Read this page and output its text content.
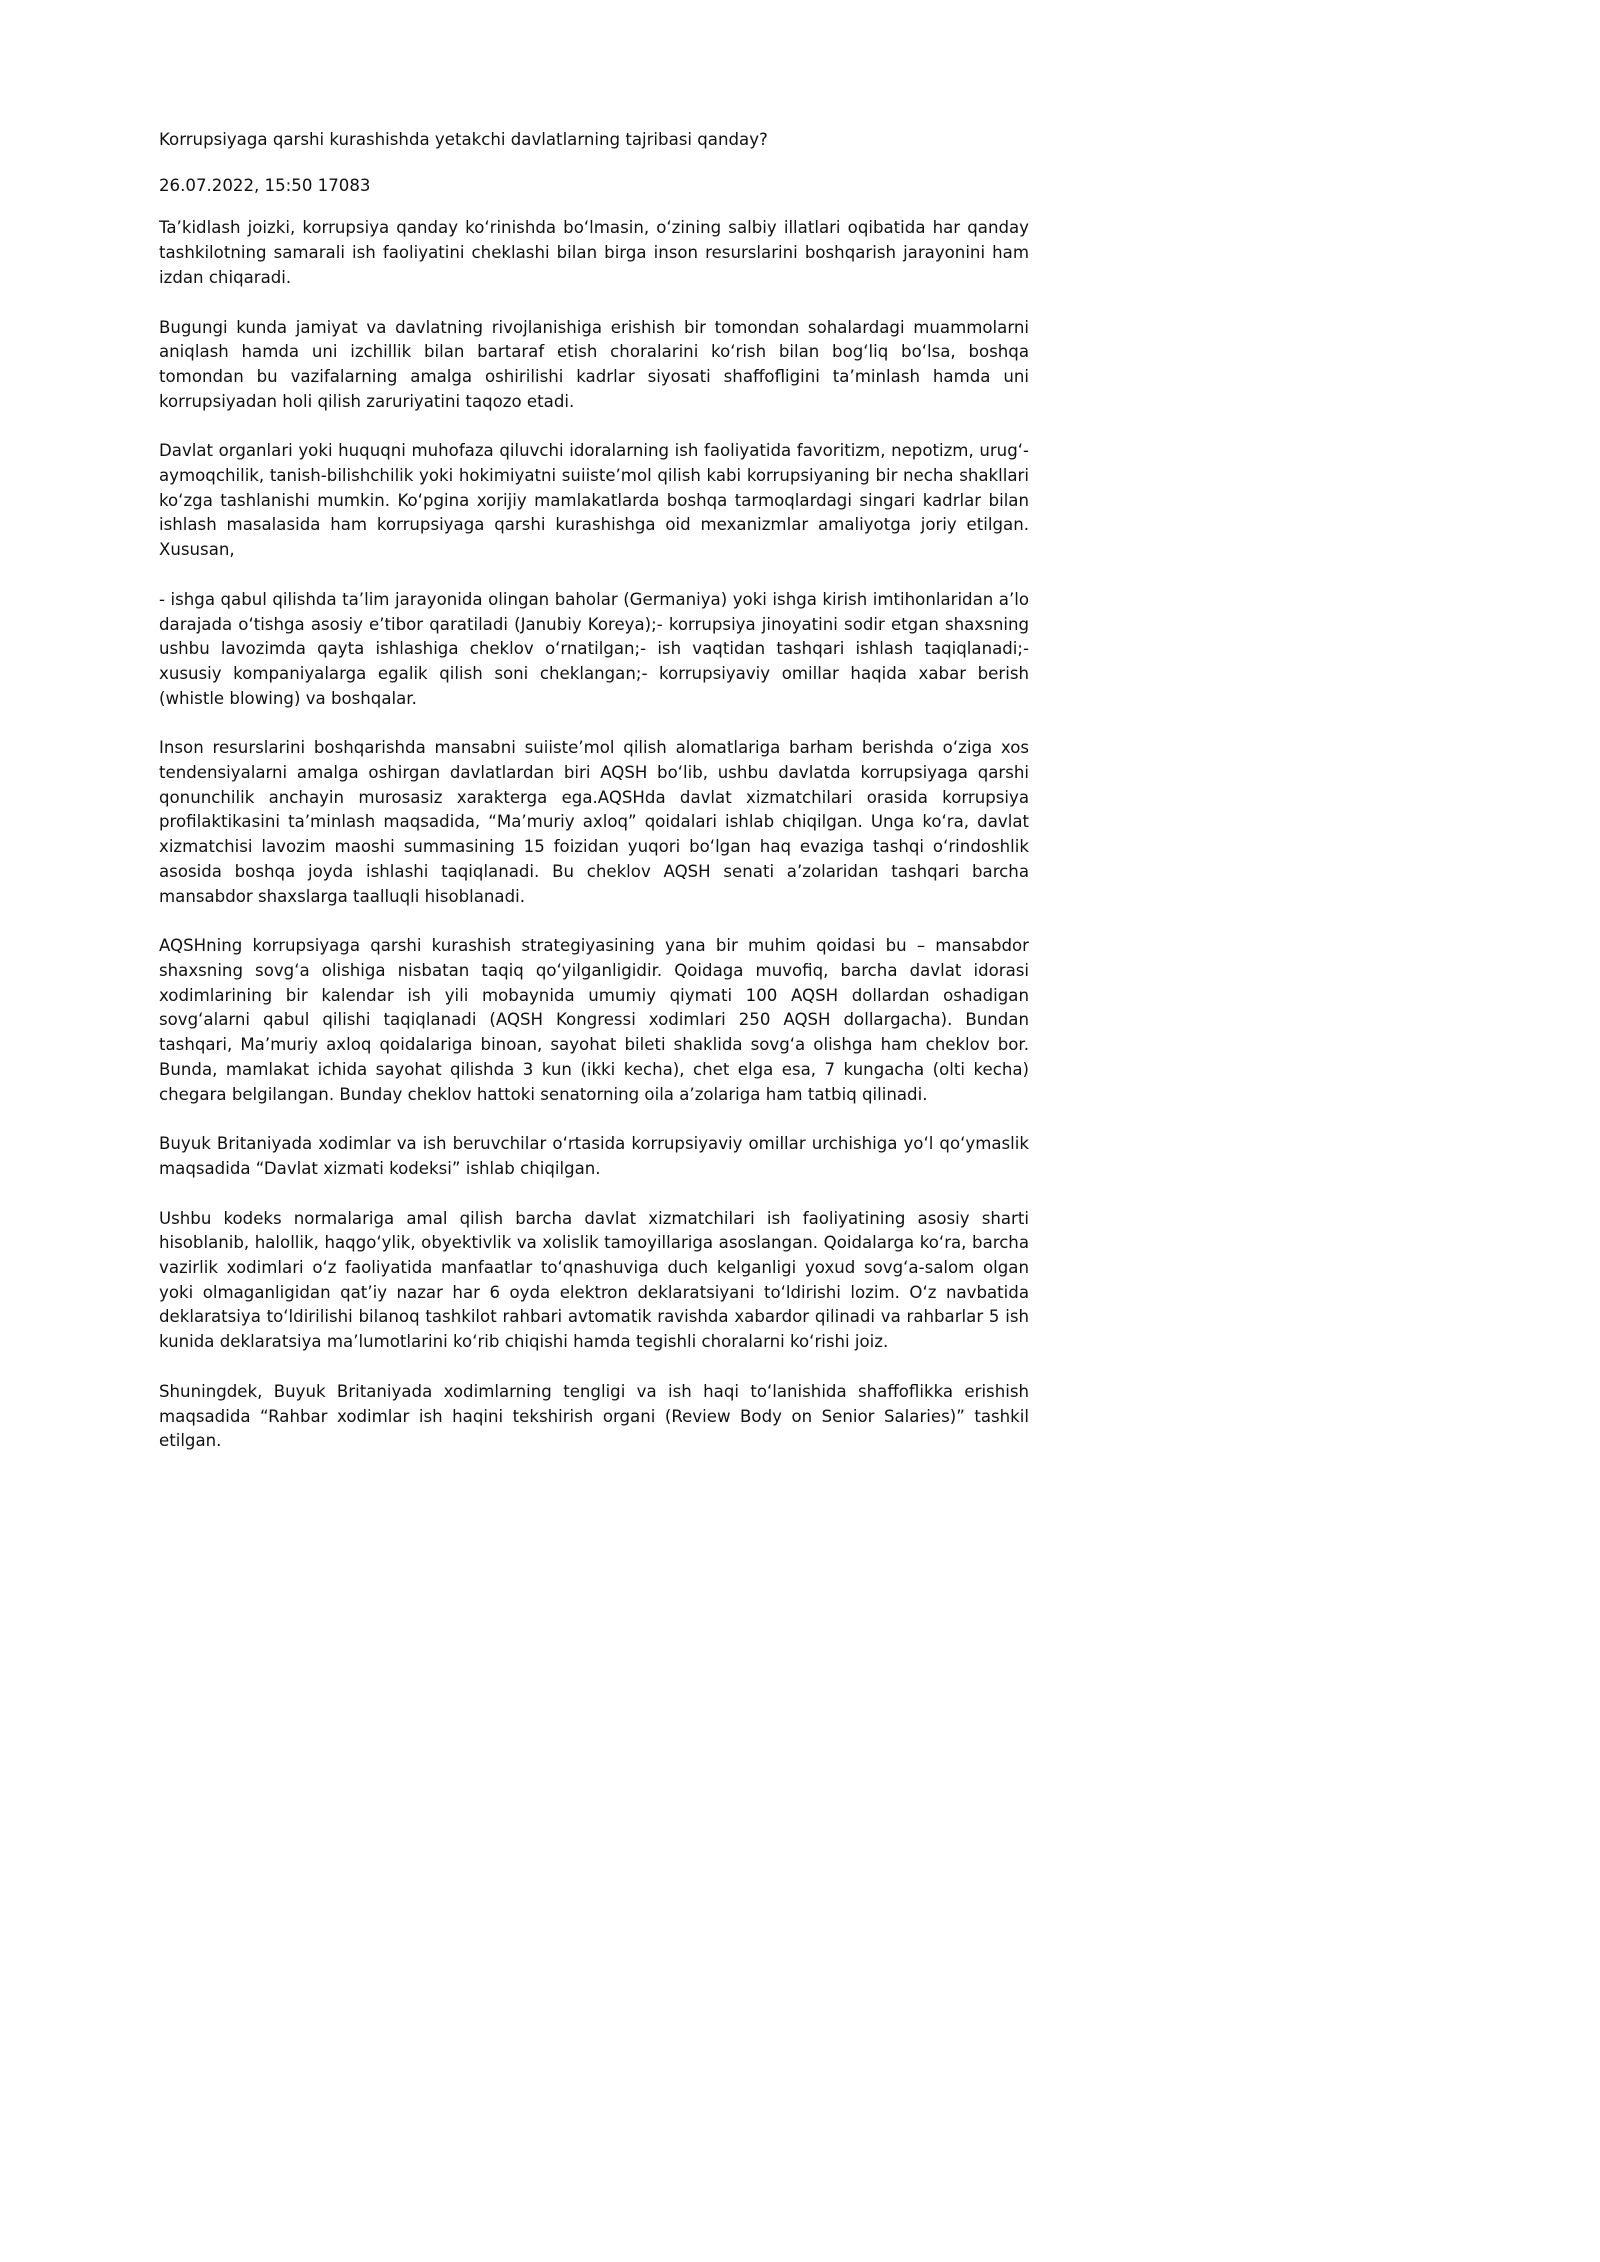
Korrupsiyaga qarshi kurashishda yetakchi davlatlarning tajribasi qanday?

26.07.2022, 15:50 17083

Ta’kidlash joizki, korrupsiya qanday koʻrinishda boʻlmasin, oʻzining salbiy illatlari oqibatida har qanday tashkilotning samarali ish faoliyatini cheklashi bilan birga inson resurslarini boshqarish jarayonini ham izdan chiqaradi.

Bugungi kunda jamiyat va davlatning rivojlanishiga erishish bir tomondan sohalardagi muammolarni aniqlash hamda uni izchillik bilan bartaraf etish choralarini koʻrish bilan bogʻliq boʻlsa, boshqa tomondan bu vazifalarning amalga oshirilishi kadrlar siyosati shaffofligini ta’minlash hamda uni korrupsiyadan holi qilish zaruriyatini taqozo etadi.

Davlat organlari yoki huquqni muhofaza qiluvchi idoralarning ish faoliyatida favoritizm, nepotizm, urugʻ-aymoqchilik, tanish-bilishchilik yoki hokimiyatni suiiste’mol qilish kabi korrupsiyaning bir necha shakllari koʻzga tashlanishi mumkin. Koʻpgina xorijiy mamlakatlarda boshqa tarmoqlardagi singari kadrlar bilan ishlash masalasida ham korrupsiyaga qarshi kurashishga oid mexanizmlar amaliyotga joriy etilgan. Xususan,

- ishga qabul qilishda ta’lim jarayonida olingan baholar (Germaniya) yoki ishga kirish imtihonlaridan a’lo darajada oʻtishga asosiy e’tibor qaratiladi (Janubiy Koreya);- korrupsiya jinoyatini sodir etgan shaxsning ushbu lavozimda qayta ishlashiga cheklov oʻrnatilgan;- ish vaqtidan tashqari ishlash taqiqlanadi;- xususiy kompaniyalarga egalik qilish soni cheklangan;- korrupsiyaviy omillar haqida xabar berish (whistle blowing) va boshqalar.

Inson resurslarini boshqarishda mansabni suiiste’mol qilish alomatlariga barham berishda oʻziga xos tendensiyalarni amalga oshirgan davlatlardan biri AQSH boʻlib, ushbu davlatda korrupsiyaga qarshi qonunchilik anchayin murosasiz xarakterga ega.AQSHda davlat xizmatchilari orasida korrupsiya profilaktikasini ta’minlash maqsadida, “Ma’muriy axloq” qoidalari ishlab chiqilgan. Unga koʻra, davlat xizmatchisi lavozim maoshi summasining 15 foizidan yuqori boʻlgan haq evaziga tashqi oʻrindoshlik asosida boshqa joyda ishlashi taqiqlanadi. Bu cheklov AQSH senati a’zolaridan tashqari barcha mansabdor shaxslarga taalluqli hisoblanadi.

AQSHning korrupsiyaga qarshi kurashish strategiyasining yana bir muhim qoidasi bu – mansabdor shaxsning sovgʻa olishiga nisbatan taqiq qoʻyilganligidir. Qoidaga muvofiq, barcha davlat idorasi xodimlarining bir kalendar ish yili mobaynida umumiy qiymati 100 AQSH dollardan oshadigan sovgʻalarni qabul qilishi taqiqlanadi (AQSH Kongressi xodimlari 250 AQSH dollargacha). Bundan tashqari, Ma’muriy axloq qoidalariga binoan, sayohat bileti shaklida sovgʻa olishga ham cheklov bor. Bunda, mamlakat ichida sayohat qilishda 3 kun (ikki kecha), chet elga esa, 7 kungacha (olti kecha) chegara belgilangan. Bunday cheklov hattoki senatorning oila a’zolariga ham tatbiq qilinadi.

Buyuk Britaniyada xodimlar va ish beruvchilar oʻrtasida korrupsiyaviy omillar urchishiga yoʻl qoʻymaslik maqsadida “Davlat xizmati kodeksi” ishlab chiqilgan.

Ushbu kodeks normalariga amal qilish barcha davlat xizmatchilari ish faoliyatining asosiy sharti hisoblanib, halollik, haqgoʻylik, obyektivlik va xolislik tamoyillariga asoslangan. Qoidalarga koʻra, barcha vazirlik xodimlari oʻz faoliyatida manfaatlar toʻqnashuviga duch kelganligi yoxud sovgʻa-salom olgan yoki olmaganligidan qat’iy nazar har 6 oyda elektron deklaratsiyani toʻldirishi lozim. Oʻz navbatida deklaratsiya toʻldirilishi bilanoq tashkilot rahbari avtomatik ravishda xabardor qilinadi va rahbarlar 5 ish kunida deklaratsiya ma’lumotlarini koʻrib chiqishi hamda tegishli choralarni koʻrishi joiz.

Shuningdek, Buyuk Britaniyada xodimlarning tengligi va ish haqi toʻlanishida shaffoflikka erishish maqsadida “Rahbar xodimlar ish haqini tekshirish organi (Review Body on Senior Salaries)” tashkil etilgan.
